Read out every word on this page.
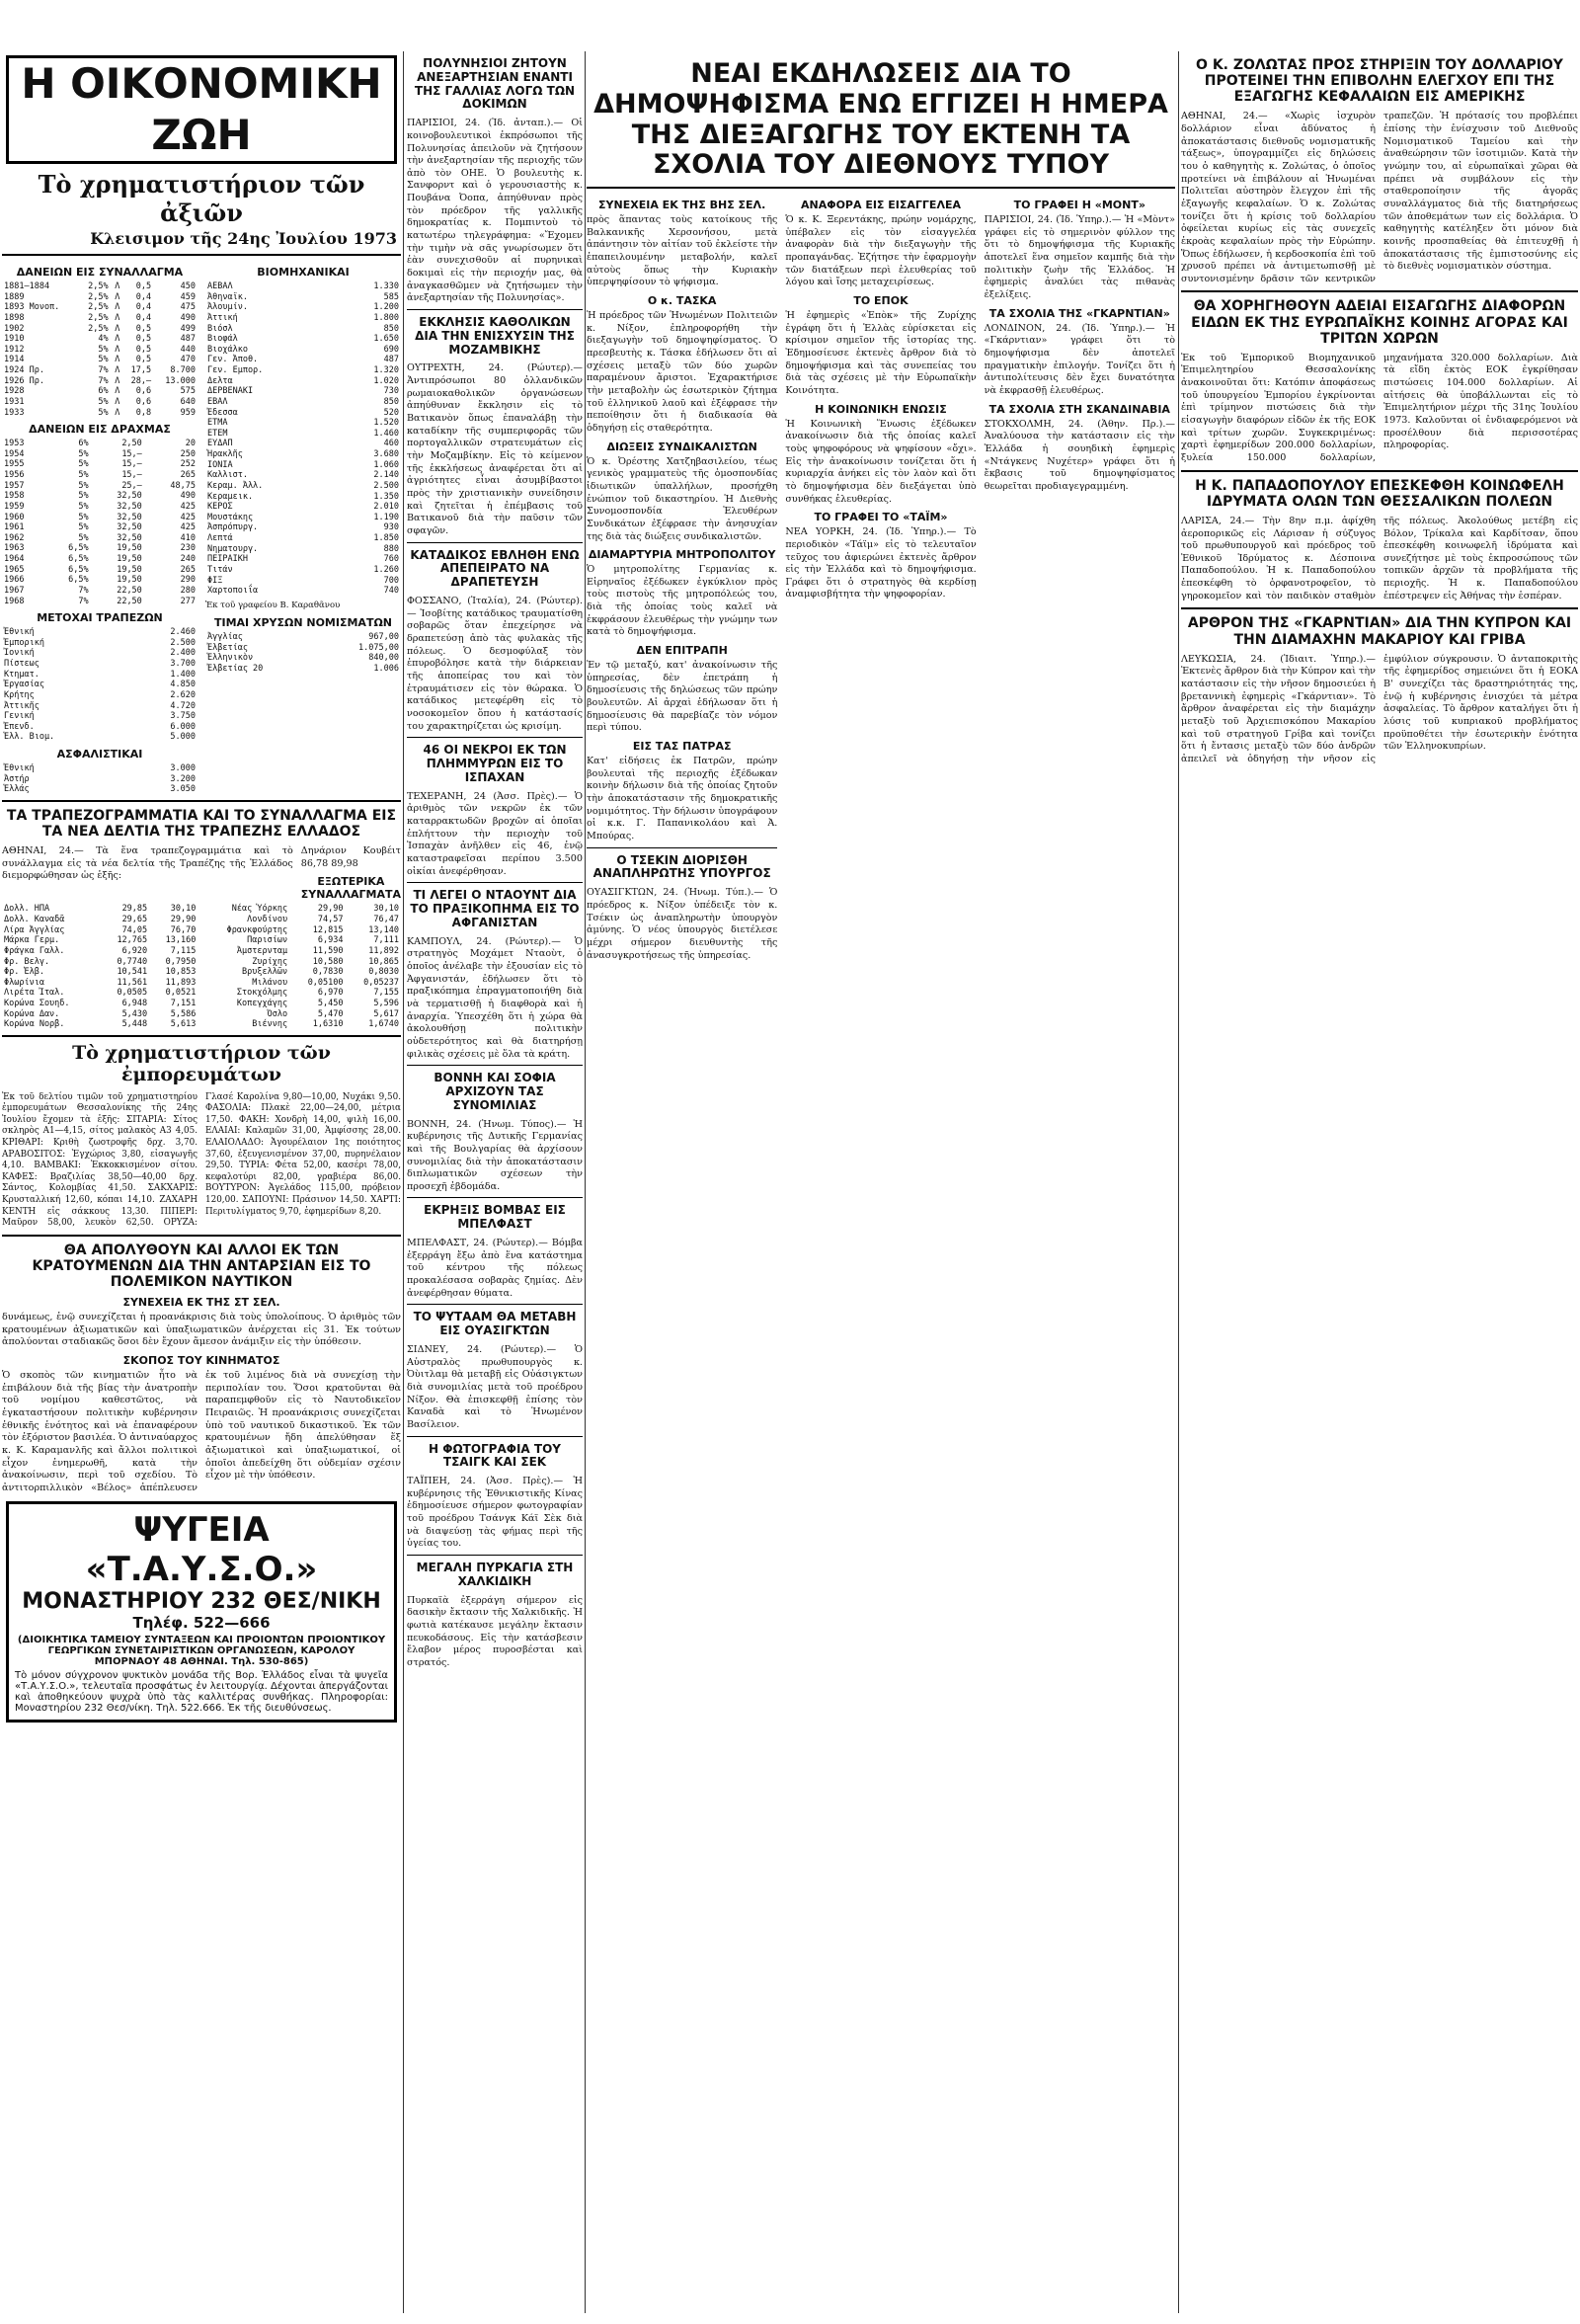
Η ΟΙΚΟΝΟΜΙΚΗ ΖΩΗ

Τὸ χρηματιστήριον τῶν ἀξιῶν

Κλεισιμον τῆς 24ης Ἰουλίου 1973

ΔΑΝΕΙΩΝ ΕΙΣ ΣΥΝΑΛΛΑΓΜΑ
1881—1884	2,5%	Λ	0,5	450
1889	2,5%	Λ	0,4	459
1893 Μονοπ.	2,5%	Λ	0,4	475
1898	2,5%	Λ	0,4	490
1902	2,5%	Λ	0,5	499
1910	4%	Λ	0,5	487
1912	5%	Λ	0,5	440
1914	5%	Λ	0,5	470
1924 Πρ.	7%	Λ	17,5	8.700
1926 Πρ.	7%	Λ	28,—	13.000
1928	6%	Λ	0,6	575
1931	5%	Λ	0,6	640
1933	5%	Λ	0,8	959
ΔΑΝΕΙΩΝ ΕΙΣ ΔΡΑΧΜΑΣ
1953	6%	2,50	20
1954	5%	15,—	250
1955	5%	15,—	252
1956	5%	15,—	265
1957	5%	25,—	48,75
1958	5%	32,50	490
1959	5%	32,50	425
1960	5%	32,50	425
1961	5%	32,50	425
1962	5%	32,50	410
1963	6,5%	19,50	230
1964	6,5%	19,50	240
1965	6,5%	19,50	265
1966	6,5%	19,50	290
1967	7%	22,50	280
1968	7%	22,50	277
ΜΕΤΟΧΑΙ ΤΡΑΠΕΖΩΝ
Ἐθνική	2.460
Ἐμπορική	2.500
Ἰονική	2.400
Πίστεως	3.700
Κτηματ.	1.400
Ἐργασίας	4.850
Κρήτης	2.620
Ἀττικῆς	4.720
Γενική	3.750
Ἐπενδ.	6.000
Ἑλλ. Βιομ.	5.000
ΑΣΦΑΛΙΣΤΙΚΑΙ
Ἐθνική	3.000
Ἀστήρ	3.200
Ἑλλάς	3.050
ΒΙΟΜΗΧΑΝΙΚΑΙ
ΑΕΒΑΛ	1.330
Ἀθηναϊκ.	585
Ἀλουμίν.	1.200
Ἀττική	1.800
Βιόσλ	850
Βιοφάλ	1.650
Βιοχάλκο	690
Γεν. Ἀποθ.	487
Γεν. Εμπορ.	1.320
Δελτα	1.020
ΔΕΡΒΕΝΑΚΙ	730
ΕΒΑΛ	850
Ἐδεσσα	520
ΕΤΜΑ	1.520
ΕΤΕΜ	1.460
ΕΥΔΑΠ	460
Ἡρακλῆς	3.680
ΙΟΝΙΑ	1.060
Καλλιστ.	2.140
Κεραμ. Ἀλλ.	2.500
Κεραμεικ.	1.350
ΚΕΡΟΣ	2.010
Μουστάκης	1.190
Ἀσπρόπυργ.	930
Λεπτά	1.850
Νηματουργ.	880
ΠΕΙΡΑΙΚΗ	760
Τιτάν	1.260
ΦΙΞ	700
Χαρτοποιΐα	740
Ἐκ τοῦ γραφείου Β. Καραθᾶνου
ΤΙΜΑΙ ΧΡΥΣΩΝ ΝΟΜΙΣΜΑΤΩΝ
Ἀγγλίας	967,00
Ἐλβετίας	1.075,00
Ἑλληνικὸν	840,00
Ἐλβετίας 20	1.006
ΤΑ ΤΡΑΠΕΖΟΓΡΑΜΜΑΤΙΑ ΚΑΙ ΤΟ ΣΥΝΑΛΛΑΓΜΑ ΕΙΣ ΤΑ ΝΕΑ ΔΕΛΤΙΑ ΤΗΣ ΤΡΑΠΕΖΗΣ ΕΛΛΑΔΟΣ

ΑΘΗΝΑΙ, 24.— Τὰ ἕνα τραπεζογραμμάτια καὶ τὸ συνάλλαγμα εἰς τὰ νέα δελτία τῆς Τραπέζης τῆς Ἑλλάδος διεμορφώθησαν ὡς ἑξῆς:

Δηνάριον Κουβέιτ 86,78 89,98

ΕΞΩΤΕΡΙΚΑ ΣΥΝΑΛΛΑΓΜΑΤΑ
Δολλ. ΗΠΑ	29,85	30,10	Νέας Ὑόρκης	29,90	30,10
Δολλ. Καναδᾶ	29,65	29,90	Λονδίνου	74,57	76,47
Λίρα Ἀγγλίας	74,05	76,70	Φρανκφούρτης	12,815	13,140
Μάρκα Γερμ.	12,765	13,160	Παρισίων	6,934	7,111
Φράγκα Γαλλ.	6,920	7,115	Ἀμστερνταμ	11,590	11,892
Φρ. Βελγ.	0,7740	0,7950	Ζυρίχης	10,580	10,865
Φρ. Ἐλβ.	10,541	10,853	Βρυξελλῶν	0,7830	0,8030
Φλωρίνια	11,561	11,893	Μιλάνου	0,05100	0,05237
Λιρέτα Ἰταλ.	0,0505	0,0521	Στοκχόλμης	6,970	7,155
Κορώνα Σουηδ.	6,948	7,151	Κοπεγχάγης	5,450	5,596
Κορώνα Δαν.	5,430	5,586	Ὀσλο	5,470	5,617
Κορώνα Νορβ.	5,448	5,613	Βιέννης	1,6310	1,6740
Τὸ χρηματιστήριον τῶν ἐμπορευμάτων

Ἐκ τοῦ δελτίου τιμῶν τοῦ χρηματιστηρίου ἐμπορευμάτων Θεσσαλονίκης τῆς 24ης Ἰουλίου ἔχομεν τὰ ἑξῆς: ΣΙΤΑΡΙΑ: Σίτος σκληρὸς Α1—4,15, σίτος μαλακὸς Α3 4,05. ΚΡΙΘΑΡΙ: Κριθὴ ζωοτροφῆς δρχ. 3,70. ΑΡΑΒΟΣΙΤΟΣ: Ἐγχώριος 3,80, εἰσαγωγῆς 4,10. ΒΑΜΒΑΚΙ: Ἐκκοκκισμένον σίτου. ΚΑΦΕΣ: Βραζιλίας 38,50—40,00 δρχ. Σάντος, Κολομβίας 41,50. ΣΑΚΧΑΡΙΣ: Κρυσταλλική 12,60, κόπαι 14,10. ΖΑΧΑΡΗ ΚΕΝΤΗ εἰς σάκκους 13,30. ΠΙΠΕΡΙ: Μαῦρον 58,00, λευκὸν 62,50. ΟΡΥΖΑ: Γλασέ Καρολίνα 9,80—10,00, Νυχάκι 9,50. ΦΑΣΟΛΙΑ: Πλακὲ 22,00—24,00, μέτρια 17,50. ΦΑΚΗ: Χονδρὴ 14,00, ψιλὴ 16,00. ΕΛΑΙΑΙ: Καλαμῶν 31,00, Ἀμφίσσης 28,00. ΕΛΑΙΟΛΑΔΟ: Ἀγουρέλαιον 1ης ποιότητος 37,60, ἐξευγενισμένον 37,00, πυρηνέλαιον 29,50. ΤΥΡΙΑ: Φέτα 52,00, κασέρι 78,00, κεφαλοτύρι 82,00, γραβιέρα 86,00. ΒΟΥΤΥΡΟΝ: Ἀγελάδος 115,00, πρόβειον 120,00. ΣΑΠΟΥΝΙ: Πράσινον 14,50. ΧΑΡΤΙ: Περιτυλίγματος 9,70, ἐφημερίδων 8,20.

ΘΑ ΑΠΟΛΥΘΟΥΝ ΚΑΙ ΑΛΛΟΙ ΕΚ ΤΩΝ ΚΡΑΤΟΥΜΕΝΩΝ ΔΙΑ ΤΗΝ ΑΝΤΑΡΣΙΑΝ ΕΙΣ ΤΟ ΠΟΛΕΜΙΚΟΝ ΝΑΥΤΙΚΟΝ
ΣΥΝΕΧΕΙΑ ΕΚ ΤΗΣ ΣΤ ΣΕΛ.

δυνάμεως, ἐνῷ συνεχίζεται ἡ προανάκρισις διὰ τοὺς ὑπολοίπους. Ὁ ἀριθμὸς τῶν κρατουμένων ἀξιωματικῶν καὶ ὑπαξιωματικῶν ἀνέρχεται εἰς 31. Ἐκ τούτων ἀπολύονται σταδιακῶς ὅσοι δὲν ἔχουν ἄμεσον ἀνάμιξιν εἰς τὴν ὑπόθεσιν.

ΣΚΟΠΟΣ ΤΟΥ ΚΙΝΗΜΑΤΟΣ

Ὁ σκοπὸς τῶν κινηματιῶν ἦτο νὰ ἐπιβάλουν διὰ τῆς βίας τὴν ἀνατροπὴν τοῦ νομίμου καθεστῶτος, νὰ ἐγκαταστήσουν πολιτικὴν κυβέρνησιν ἐθνικῆς ἑνότητος καὶ νὰ ἐπαναφέρουν τὸν ἐξόριστον βασιλέα. Ὁ ἀντιναύαρχος κ. Κ. Καραμανλῆς καὶ ἄλλοι πολιτικοὶ εἶχον ἐνημερωθῆ, κατὰ τὴν ἀνακοίνωσιν, περὶ τοῦ σχεδίου. Τὸ ἀντιτορπιλλικὸν «Βέλος» ἀπέπλευσεν ἐκ τοῦ λιμένος διὰ νὰ συνεχίσῃ τὴν περιπολίαν του. Ὅσοι κρατοῦνται θὰ παραπεμφθοῦν εἰς τὸ Ναυτοδικεῖον Πειραιῶς. Ἡ προανάκρισις συνεχίζεται ὑπὸ τοῦ ναυτικοῦ δικαστικοῦ. Ἐκ τῶν κρατουμένων ἤδη ἀπελύθησαν ἕξ ἀξιωματικοὶ καὶ ὑπαξιωματικοί, οἱ ὁποῖοι ἀπεδείχθη ὅτι οὐδεμίαν σχέσιν εἶχον μὲ τὴν ὑπόθεσιν.

ΨΥΓΕΙΑ «Τ.Α.Υ.Σ.Ο.»
ΜΟΝΑΣΤΗΡΙΟΥ 232 ΘΕΣ/ΝΙΚΗ
Τηλέφ. 522—666
(ΔΙΟΙΚΗΤΙΚΑ ΤΑΜΕΙΟΥ ΣΥΝΤΑΞΕΩΝ ΚΑΙ ΠΡΟΙΟΝΤΩΝ ΠΡΟΙΟΝΤΙΚΟΥ ΓΕΩΡΓΙΚΩΝ ΣΥΝΕΤΑΙΡΙΣΤΙΚΩΝ ΟΡΓΑΝΩΣΕΩΝ, ΚΑΡΟΛΟΥ ΜΠΟΡΝΑΟΥ 48 ΑΘΗΝΑΙ. Τηλ. 530-865)
Τὸ μόνον σύγχρονον ψυκτικὸν μονάδα τῆς Βορ. Ἑλλάδος εἶναι τὰ ψυγεῖα «Τ.Α.Υ.Σ.Ο.», τελευταῖα προσφάτως ἐν λειτουργίᾳ. Δέχονται ἀπεργάζονται καὶ ἀποθηκεύουν ψυχρὰ ὑπὸ τὰς καλλιτέρας συνθήκας. Πληροφορίαι: Μοναστηρίου 232 Θεσ/νίκη. Τηλ. 522.666. Ἐκ τῆς διευθύνσεως.
ΠΟΛΥΝΗΣΙΟΙ ΖΗΤΟΥΝ ΑΝΕΞΑΡΤΗΣΙΑΝ ΕΝΑΝΤΙ ΤΗΣ ΓΑΛΛΙΑΣ ΛΟΓΩ ΤΩΝ ΔΟΚΙΜΩΝ

ΠΑΡΙΣΙΟΙ, 24. (Ἰδ. ἀνταπ.).— Οἱ κοινοβουλευτικοὶ ἐκπρόσωποι τῆς Πολυνησίας ἀπειλοῦν νὰ ζητήσουν τὴν ἀνεξαρτησίαν τῆς περιοχῆς τῶν ἀπὸ τὸν ΟΗΕ. Ὁ βουλευτὴς κ. Σανφορντ καὶ ὁ γερουσιαστὴς κ. Πουβάνα Ὀοπα, ἀπηύθυναν πρὸς τὸν πρόεδρον τῆς γαλλικῆς δημοκρατίας κ. Πομπιντοὺ τὸ κατωτέρω τηλεγράφημα: «Ἔχομεν τὴν τιμὴν νὰ σᾶς γνωρίσωμεν ὅτι ἐὰν συνεχισθοῦν αἱ πυρηνικαὶ δοκιμαὶ εἰς τὴν περιοχήν μας, θὰ ἀναγκασθῶμεν νὰ ζητήσωμεν τὴν ἀνεξαρτησίαν τῆς Πολυνησίας».

ΕΚΚΛΗΣΙΣ ΚΑΘΟΛΙΚΩΝ ΔΙΑ ΤΗΝ ΕΝΙΣΧΥΣΙΝ ΤΗΣ ΜΟΖΑΜΒΙΚΗΣ

ΟΥΤΡΕΧΤΗ, 24. (Ρώυτερ).— Ἀντιπρόσωποι 80 ὀλλανδικῶν ρωμαιοκαθολικῶν ὀργανώσεων ἀπηύθυναν ἔκκλησιν εἰς τὸ Βατικανὸν ὅπως ἐπαναλάβῃ τὴν καταδίκην τῆς συμπεριφορᾶς τῶν πορτογαλλικῶν στρατευμάτων εἰς τὴν Μοζαμβίκην. Εἰς τὸ κείμενον τῆς ἐκκλήσεως ἀναφέρεται ὅτι αἱ ἀγριότητες εἶναι ἀσυμβίβαστοι πρὸς τὴν χριστιανικὴν συνείδησιν καὶ ζητεῖται ἡ ἐπέμβασις τοῦ Βατικανοῦ διὰ τὴν παῦσιν τῶν σφαγῶν.

ΚΑΤΑΔΙΚΟΣ ΕΒΛΗΘΗ ΕΝΩ ΑΠΕΠΕΙΡΑΤΟ ΝΑ ΔΡΑΠΕΤΕΥΣΗ

ΦΟΣΣΑΝΟ, (Ἰταλία), 24. (Ρώυτερ).— Ἰσοβίτης κατάδικος τραυματίσθη σοβαρῶς ὅταν ἐπεχείρησε νὰ δραπετεύσῃ ἀπὸ τὰς φυλακὰς τῆς πόλεως. Ὁ δεσμοφύλαξ τὸν ἐπυροβόλησε κατὰ τὴν διάρκειαν τῆς ἀποπείρας του καὶ τὸν ἐτραυμάτισεν εἰς τὸν θώρακα. Ὁ κατάδικος μετεφέρθη εἰς τὸ νοσοκομεῖον ὅπου ἡ κατάστασίς του χαρακτηρίζεται ὡς κρισίμη.

46 ΟΙ ΝΕΚΡΟΙ ΕΚ ΤΩΝ ΠΛΗΜΜΥΡΩΝ ΕΙΣ ΤΟ ΙΣΠΑΧΑΝ

ΤΕΧΕΡΑΝΗ, 24 (Ἀσσ. Πρὲς).— Ὁ ἀριθμὸς τῶν νεκρῶν ἐκ τῶν καταρρακτωδῶν βροχῶν αἱ ὁποῖαι ἐπλήττουν τὴν περιοχὴν τοῦ Ἰσπαχὰν ἀνῆλθεν εἰς 46, ἐνῷ καταστραφεῖσαι περίπου 3.500 οἰκίαι ἀνεφέρθησαν.

ΤΙ ΛΕΓΕΙ Ο ΝΤΑΟΥΝΤ ΔΙΑ ΤΟ ΠΡΑΞΙΚΟΠΗΜΑ ΕΙΣ ΤΟ ΑΦΓΑΝΙΣΤΑΝ

ΚΑΜΠΟΥΛ, 24. (Ρώυτερ).— Ὁ στρατηγὸς Μοχάμετ Νταοὺτ, ὁ ὁποῖος ἀνέλαβε τὴν ἐξουσίαν εἰς τὸ Ἀφγανιστάν, ἐδήλωσεν ὅτι τὸ πραξικόπημα ἐπραγματοποιήθη διὰ νὰ τερματισθῇ ἡ διαφθορὰ καὶ ἡ ἀναρχία. Ὑπεσχέθη ὅτι ἡ χώρα θὰ ἀκολουθήσῃ πολιτικὴν οὐδετερότητος καὶ θὰ διατηρήσῃ φιλικὰς σχέσεις μὲ ὅλα τὰ κράτη.

ΒΟΝΝΗ ΚΑΙ ΣΟΦΙΑ ΑΡΧΙΖΟΥΝ ΤΑΣ ΣΥΝΟΜΙΛΙΑΣ

ΒΟΝΝΗ, 24. (Ἠνωμ. Τύπος).— Ἡ κυβέρνησις τῆς Δυτικῆς Γερμανίας καὶ τῆς Βουλγαρίας θὰ ἀρχίσουν συνομιλίας διὰ τὴν ἀποκατάστασιν διπλωματικῶν σχέσεων τὴν προσεχῆ ἑβδομάδα.

ΕΚΡΗΞΙΣ ΒΟΜΒΑΣ ΕΙΣ ΜΠΕΛΦΑΣΤ

ΜΠΕΛΦΑΣΤ, 24. (Ρώυτερ).— Βόμβα ἐξερράγη ἔξω ἀπὸ ἕνα κατάστημα τοῦ κέντρου τῆς πόλεως προκαλέσασα σοβαρὰς ζημίας. Δὲν ἀνεφέρθησαν θύματα.

ΤΟ ΨΥΤΑΑΜ ΘΑ ΜΕΤΑΒΗ ΕΙΣ ΟΥΑΣΙΓΚΤΩΝ

ΣΙΔΝΕΥ, 24. (Ρώυτερ).— Ὁ Αὐστραλὸς πρωθυπουργὸς κ. Ὀὺιτλαμ θὰ μεταβῇ εἰς Οὐάσιγκτων διὰ συνομιλίας μετὰ τοῦ προέδρου Νίξον. Θὰ ἐπισκεφθῇ ἐπίσης τὸν Καναδὰ καὶ τὸ Ἡνωμένον Βασίλειον.

Η ΦΩΤΟΓΡΑΦΙΑ ΤΟΥ ΤΣΑΙΓΚ ΚΑΙ ΣΕΚ

ΤΑΪΠΕΗ, 24. (Ἀσσ. Πρὲς).— Ἡ κυβέρνησις τῆς Ἐθνικιστικῆς Κίνας ἐδημοσίευσε σήμερον φωτογραφίαν τοῦ προέδρου Τσάνγκ Κάϊ Σὲκ διὰ νὰ διαψεύσῃ τὰς φήμας περὶ τῆς ὑγείας του.

ΜΕΓΑΛΗ ΠΥΡΚΑΓΙΑ ΣΤΗ ΧΑΛΚΙΔΙΚΗ

Πυρκαϊὰ ἐξερράγη σήμερον εἰς δασικὴν ἔκτασιν τῆς Χαλκιδικῆς. Ἡ φωτιὰ κατέκαυσε μεγάλην ἔκτασιν πευκοδάσους. Εἰς τὴν κατάσβεσιν ἔλαβον μέρος πυροσβέσται καὶ στρατός.

ΝΕΑΙ ΕΚΔΗΛΩΣΕΙΣ ΔΙΑ ΤΟ ΔΗΜΟΨΗΦΙΣΜΑ ΕΝΩ ΕΓΓΙΖΕΙ Η ΗΜΕΡΑ ΤΗΣ ΔΙΕΞΑΓΩΓΗΣ ΤΟΥ ΕΚΤΕΝΗ ΤΑ ΣΧΟΛΙΑ ΤΟΥ ΔΙΕΘΝΟΥΣ ΤΥΠΟΥ
ΣΥΝΕΧΕΙΑ ΕΚ ΤΗΣ ΒΗΣ ΣΕΛ.

πρὸς ἅπαντας τοὺς κατοίκους τῆς Βαλκανικῆς Χερσονήσου, μετὰ ἀπάντησιν τὸν αἰτίαν τοῦ ἐκλείστε τὴν ἐπαπειλουμένην μεταβολήν, καλεῖ αὐτοὺς ὅπως τὴν Κυριακὴν ὑπερψηφίσουν τὸ ψήφισμα.

Ο κ. ΤΑΣΚΑ

Ἡ πρόεδρος τῶν Ἡνωμένων Πολιτειῶν κ. Νίξον, ἐπληροφορήθη τὴν διεξαγωγὴν τοῦ δημοψηφίσματος. Ὁ πρεσβευτὴς κ. Τάσκα ἐδήλωσεν ὅτι αἱ σχέσεις μεταξὺ τῶν δύο χωρῶν παραμένουν ἄριστοι. Ἐχαρακτήρισε τὴν μεταβολὴν ὡς ἐσωτερικὸν ζήτημα τοῦ ἑλληνικοῦ λαοῦ καὶ ἐξέφρασε τὴν πεποίθησιν ὅτι ἡ διαδικασία θὰ ὁδηγήσῃ εἰς σταθερότητα.

ΔΙΩΞΕΙΣ ΣΥΝΔΙΚΑΛΙΣΤΩΝ

Ὁ κ. Ὀρέστης Χατζηβασιλείου, τέως γενικὸς γραμματεὺς τῆς ὁμοσπονδίας ἰδιωτικῶν ὑπαλλήλων, προσήχθη ἐνώπιον τοῦ δικαστηρίου. Ἡ Διεθνὴς Συνομοσπονδία Ἐλευθέρων Συνδικάτων ἐξέφρασε τὴν ἀνησυχίαν της διὰ τὰς διώξεις συνδικαλιστῶν.

ΔΙΑΜΑΡΤΥΡΙΑ ΜΗΤΡΟΠΟΛΙΤΟΥ

Ὁ μητροπολίτης Γερμανίας κ. Εἰρηναῖος ἐξέδωκεν ἐγκύκλιον πρὸς τοὺς πιστοὺς τῆς μητροπόλεώς του, διὰ τῆς ὁποίας τοὺς καλεῖ νὰ ἐκφράσουν ἐλευθέρως τὴν γνώμην των κατὰ τὸ δημοψήφισμα.

ΔΕΝ ΕΠΙΤΡΑΠΗ

Ἐν τῷ μεταξύ, κατ' ἀνακοίνωσιν τῆς ὑπηρεσίας, δὲν ἐπετράπη ἡ δημοσίευσις τῆς δηλώσεως τῶν πρώην βουλευτῶν. Αἱ ἀρχαὶ ἐδήλωσαν ὅτι ἡ δημοσίευσις θὰ παρεβίαζε τὸν νόμον περὶ τύπου.

ΕΙΣ ΤΑΣ ΠΑΤΡΑΣ

Κατ' εἰδήσεις ἐκ Πατρῶν, πρώην βουλευταὶ τῆς περιοχῆς ἐξέδωκαν κοινὴν δήλωσιν διὰ τῆς ὁποίας ζητοῦν τὴν ἀποκατάστασιν τῆς δημοκρατικῆς νομιμότητος. Τὴν δήλωσιν ὑπογράφουν οἱ κ.κ. Γ. Παπανικολάου καὶ Ἀ. Μπούρας.

Ο ΤΣΕΚΙΝ ΔΙΟΡΙΣΘΗ ΑΝΑΠΛΗΡΩΤΗΣ ΥΠΟΥΡΓΟΣ

ΟΥΑΣΙΓΚΤΩΝ, 24. (Ἠνωμ. Τύπ.).— Ὁ πρόεδρος κ. Νίξον ὑπέδειξε τὸν κ. Τσέκιν ὡς ἀναπληρωτὴν ὑπουργὸν ἀμύνης. Ὁ νέος ὑπουργὸς διετέλεσε μέχρι σήμερον διευθυντὴς τῆς ἀνασυγκροτήσεως τῆς ὑπηρεσίας.

ΑΝΑΦΟΡΑ ΕΙΣ ΕΙΣΑΓΓΕΛΕΑ

Ὁ κ. Κ. Ξερεντάκης, πρώην νομάρχης, ὑπέβαλεν εἰς τὸν εἰσαγγελέα ἀναφορὰν διὰ τὴν διεξαγωγὴν τῆς προπαγάνδας. Ἐζήτησε τὴν ἐφαρμογὴν τῶν διατάξεων περὶ ἐλευθερίας τοῦ λόγου καὶ ἴσης μεταχειρίσεως.

ΤΟ ΕΠΟΚ

Ἡ ἐφημερὶς «Ἐπὸκ» τῆς Ζυρίχης ἐγράφη ὅτι ἡ Ἑλλὰς εὑρίσκεται εἰς κρίσιμον σημεῖον τῆς ἱστορίας της. Ἐδημοσίευσε ἐκτενὲς ἄρθρον διὰ τὸ δημοψήφισμα καὶ τὰς συνεπείας του διὰ τὰς σχέσεις μὲ τὴν Εὐρωπαϊκὴν Κοινότητα.

Η ΚΟΙΝΩΝΙΚΗ ΕΝΩΣΙΣ

Ἡ Κοινωνικὴ Ἕνωσις ἐξέδωκεν ἀνακοίνωσιν διὰ τῆς ὁποίας καλεῖ τοὺς ψηφοφόρους νὰ ψηφίσουν «ὄχι». Εἰς τὴν ἀνακοίνωσιν τονίζεται ὅτι ἡ κυριαρχία ἀνήκει εἰς τὸν λαὸν καὶ ὅτι τὸ δημοψήφισμα δὲν διεξάγεται ὑπὸ συνθήκας ἐλευθερίας.

ΤΟ ΓΡΑΦΕΙ ΤΟ «ΤΑΪΜ»

ΝΕΑ ΥΟΡΚΗ, 24. (Ἰδ. Ὑπηρ.).— Τὸ περιοδικὸν «Τάϊμ» εἰς τὸ τελευταῖον τεῦχος του ἀφιερώνει ἐκτενὲς ἄρθρον εἰς τὴν Ἑλλάδα καὶ τὸ δημοψήφισμα. Γράφει ὅτι ὁ στρατηγὸς θὰ κερδίσῃ ἀναμφισβήτητα τὴν ψηφοφορίαν.

ΤΟ ΓΡΑΦΕΙ Η «ΜΟΝΤ»

ΠΑΡΙΣΙΟΙ, 24. (Ἰδ. Ὑπηρ.).— Ἡ «Μὸντ» γράφει εἰς τὸ σημερινὸν φύλλον της ὅτι τὸ δημοψήφισμα τῆς Κυριακῆς ἀποτελεῖ ἕνα σημεῖον καμπῆς διὰ τὴν πολιτικὴν ζωὴν τῆς Ἑλλάδος. Ἡ ἐφημερὶς ἀναλύει τὰς πιθανὰς ἐξελίξεις.

ΤΑ ΣΧΟΛΙΑ ΤΗΣ «ΓΚΑΡΝΤΙΑΝ»

ΛΟΝΔΙΝΟΝ, 24. (Ἰδ. Ὑπηρ.).— Ἡ «Γκάρντιαν» γράφει ὅτι τὸ δημοψήφισμα δὲν ἀποτελεῖ πραγματικὴν ἐπιλογήν. Τονίζει ὅτι ἡ ἀντιπολίτευσις δὲν ἔχει δυνατότητα νὰ ἐκφρασθῇ ἐλευθέρως.

ΤΑ ΣΧΟΛΙΑ ΣΤΗ ΣΚΑΝΔΙΝΑΒΙΑ

ΣΤΟΚΧΟΛΜΗ, 24. (Ἀθην. Πρ.).— Ἀναλύουσα τὴν κατάστασιν εἰς τὴν Ἑλλάδα ἡ σουηδικὴ ἐφημερὶς «Ντάγκενς Νυχέτερ» γράφει ὅτι ἡ ἔκβασις τοῦ δημοψηφίσματος θεωρεῖται προδιαγεγραμμένη.

Ο Κ. ΖΟΛΩΤΑΣ ΠΡΟΣ ΣΤΗΡΙΞΙΝ ΤΟΥ ΔΟΛΛΑΡΙΟΥ ΠΡΟΤΕΙΝΕΙ ΤΗΝ ΕΠΙΒΟΛΗΝ ΕΛΕΓΧΟΥ ΕΠΙ ΤΗΣ ΕΞΑΓΩΓΗΣ ΚΕΦΑΛΑΙΩΝ ΕΙΣ ΑΜΕΡΙΚΗΣ

ΑΘΗΝΑΙ, 24.— «Χωρὶς ἰσχυρὸν δολλάριον εἶναι ἀδύνατος ἡ ἀποκατάστασις διεθνοῦς νομισματικῆς τάξεως», ὑπογραμμίζει εἰς δηλώσεις του ὁ καθηγητὴς κ. Ζολώτας, ὁ ὁποῖος προτείνει νὰ ἐπιβάλουν αἱ Ἡνωμέναι Πολιτεῖαι αὐστηρὸν ἔλεγχον ἐπὶ τῆς ἐξαγωγῆς κεφαλαίων. Ὁ κ. Ζολώτας τονίζει ὅτι ἡ κρίσις τοῦ δολλαρίου ὀφείλεται κυρίως εἰς τὰς συνεχεῖς ἐκροὰς κεφαλαίων πρὸς τὴν Εὐρώπην. Ὅπως ἐδήλωσεν, ἡ κερδοσκοπία ἐπὶ τοῦ χρυσοῦ πρέπει νὰ ἀντιμετωπισθῇ μὲ συντονισμένην δρᾶσιν τῶν κεντρικῶν τραπεζῶν. Ἡ πρότασίς του προβλέπει ἐπίσης τὴν ἐνίσχυσιν τοῦ Διεθνοῦς Νομισματικοῦ Ταμείου καὶ τὴν ἀναθεώρησιν τῶν ἰσοτιμιῶν. Κατὰ τὴν γνώμην του, αἱ εὐρωπαϊκαὶ χῶραι θὰ πρέπει νὰ συμβάλουν εἰς τὴν σταθεροποίησιν τῆς ἀγορᾶς συναλλάγματος διὰ τῆς διατηρήσεως τῶν ἀποθεμάτων των εἰς δολλάρια. Ὁ καθηγητὴς κατέληξεν ὅτι μόνον διὰ κοινῆς προσπαθείας θὰ ἐπιτευχθῇ ἡ ἀποκατάστασις τῆς ἐμπιστοσύνης εἰς τὸ διεθνὲς νομισματικὸν σύστημα.

ΘΑ ΧΟΡΗΓΗΘΟΥΝ ΑΔΕΙΑΙ ΕΙΣΑΓΩΓΗΣ ΔΙΑΦΟΡΩΝ ΕΙΔΩΝ ΕΚ ΤΗΣ ΕΥΡΩΠΑΪΚΗΣ ΚΟΙΝΗΣ ΑΓΟΡΑΣ ΚΑΙ ΤΡΙΤΩΝ ΧΩΡΩΝ

Ἐκ τοῦ Ἐμπορικοῦ Βιομηχανικοῦ Ἐπιμελητηρίου Θεσσαλονίκης ἀνακοινοῦται ὅτι: Κατόπιν ἀποφάσεως τοῦ ὑπουργείου Ἐμπορίου ἐγκρίνονται ἐπὶ τρίμηνον πιστώσεις διὰ τὴν εἰσαγωγὴν διαφόρων εἰδῶν ἐκ τῆς ΕΟΚ καὶ τρίτων χωρῶν. Συγκεκριμένως: χαρτὶ ἐφημερίδων 200.000 δολλαρίων, ξυλεία 150.000 δολλαρίων, μηχανήματα 320.000 δολλαρίων. Διὰ τὰ εἴδη ἐκτὸς ΕΟΚ ἐγκρίθησαν πιστώσεις 104.000 δολλαρίων. Αἱ αἰτήσεις θὰ ὑποβάλλωνται εἰς τὸ Ἐπιμελητήριον μέχρι τῆς 31ης Ἰουλίου 1973. Καλοῦνται οἱ ἐνδιαφερόμενοι νὰ προσέλθουν διὰ περισσοτέρας πληροφορίας.

Η Κ. ΠΑΠΑΔΟΠΟΥΛΟΥ ΕΠΕΣΚΕΦΘΗ ΚΟΙΝΩΦΕΛΗ ΙΔΡΥΜΑΤΑ ΟΛΩΝ ΤΩΝ ΘΕΣΣΑΛΙΚΩΝ ΠΟΛΕΩΝ

ΛΑΡΙΣΑ, 24.— Τὴν 8ην π.μ. ἀφίχθη ἀεροπορικῶς εἰς Λάρισαν ἡ σύζυγος τοῦ πρωθυπουργοῦ καὶ πρόεδρος τοῦ Ἐθνικοῦ Ἱδρύματος κ. Δέσποινα Παπαδοπούλου. Ἡ κ. Παπαδοπούλου ἐπεσκέφθη τὸ ὀρφανοτροφεῖον, τὸ γηροκομεῖον καὶ τὸν παιδικὸν σταθμὸν τῆς πόλεως. Ἀκολούθως μετέβη εἰς Βόλον, Τρίκαλα καὶ Καρδίτσαν, ὅπου ἐπεσκέφθη κοινωφελῆ ἱδρύματα καὶ συνεζήτησε μὲ τοὺς ἐκπροσώπους τῶν τοπικῶν ἀρχῶν τὰ προβλήματα τῆς περιοχῆς. Ἡ κ. Παπαδοπούλου ἐπέστρεψεν εἰς Ἀθήνας τὴν ἑσπέραν.

ΑΡΘΡΟΝ ΤΗΣ «ΓΚΑΡΝΤΙΑΝ» ΔΙΑ ΤΗΝ ΚΥΠΡΟΝ ΚΑΙ ΤΗΝ ΔΙΑΜΑΧΗΝ ΜΑΚΑΡΙΟΥ ΚΑΙ ΓΡΙΒΑ

ΛΕΥΚΩΣΙΑ, 24. (Ἰδιαιτ. Ὑπηρ.).— Ἐκτενὲς ἄρθρον διὰ τὴν Κύπρον καὶ τὴν κατάστασιν εἰς τὴν νῆσον δημοσιεύει ἡ βρεταννικὴ ἐφημερὶς «Γκάρντιαν». Τὸ ἄρθρον ἀναφέρεται εἰς τὴν διαμάχην μεταξὺ τοῦ Ἀρχιεπισκόπου Μακαρίου καὶ τοῦ στρατηγοῦ Γρίβα καὶ τονίζει ὅτι ἡ ἔντασις μεταξὺ τῶν δύο ἀνδρῶν ἀπειλεῖ νὰ ὁδηγήσῃ τὴν νῆσον εἰς ἐμφύλιον σύγκρουσιν. Ὁ ἀνταποκριτὴς τῆς ἐφημερίδος σημειώνει ὅτι ἡ ΕΟΚΑ Β' συνεχίζει τὰς δραστηριότητάς της, ἐνῷ ἡ κυβέρνησις ἐνισχύει τὰ μέτρα ἀσφαλείας. Τὸ ἄρθρον καταλήγει ὅτι ἡ λύσις τοῦ κυπριακοῦ προβλήματος προϋποθέτει τὴν ἐσωτερικὴν ἑνότητα τῶν Ἑλληνοκυπρίων.
